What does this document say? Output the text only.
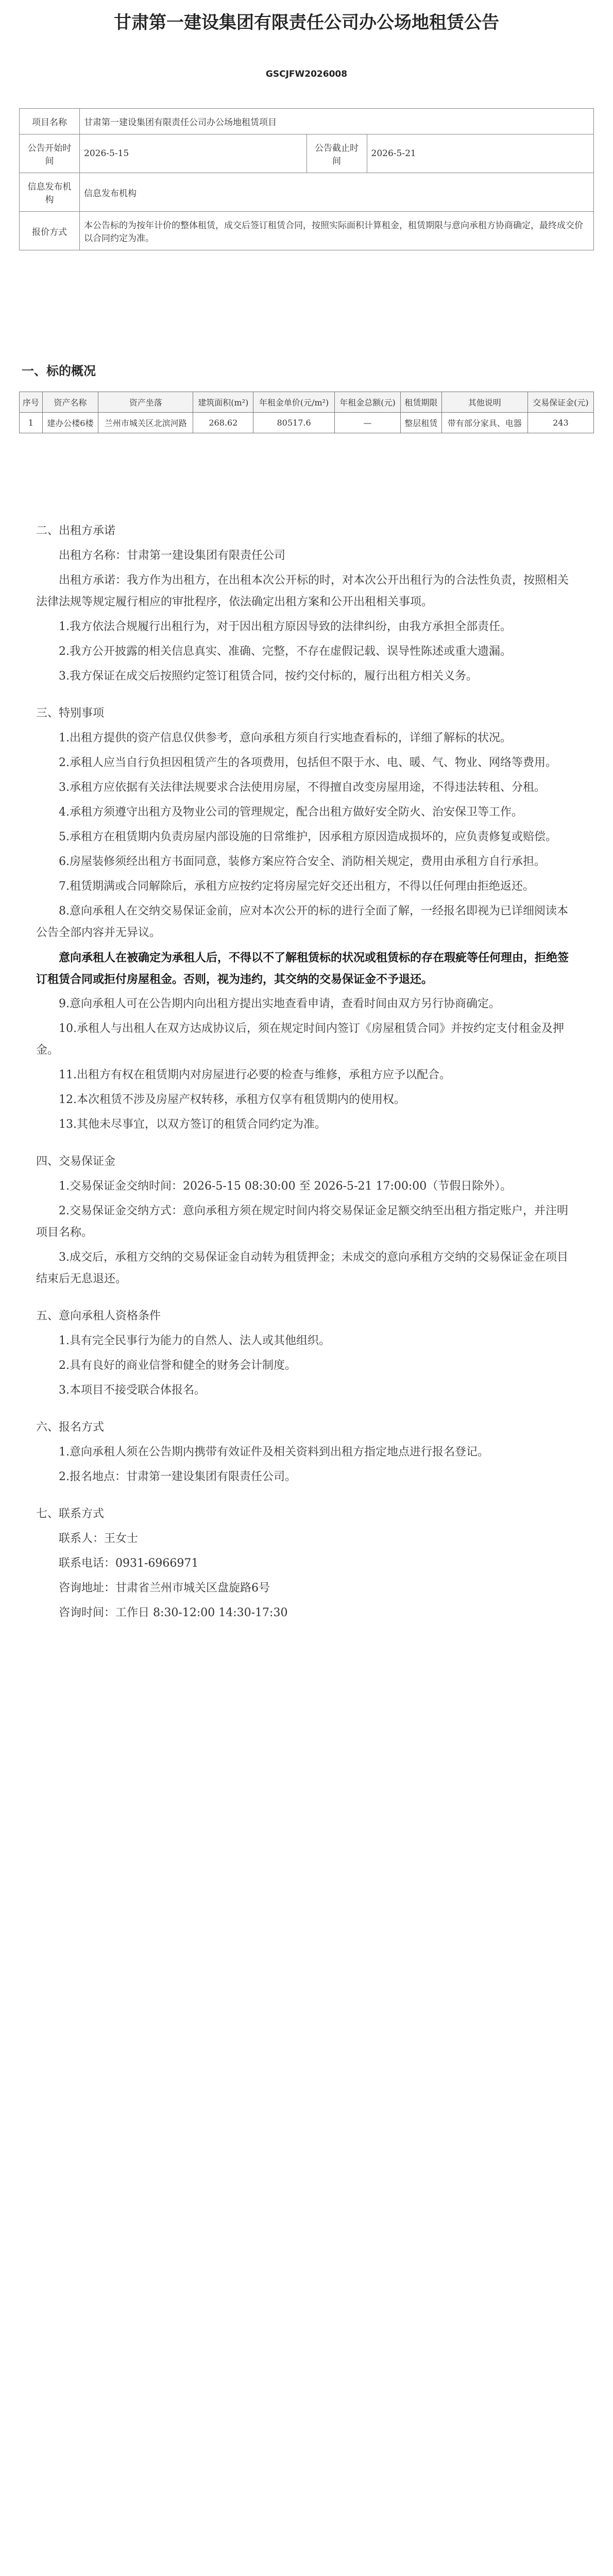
甘肃第一建设集团有限责任公司办公场地租赁公告
GSCJFW2026008
项目名称	甘肃第一建设集团有限责任公司办公场地租赁项目		
公告开始时间	2026-5-15	公告截止时间	2026-5-21
信息发布机构	信息发布机构		
报价方式	本公告标的为按年计价的整体租赁，成交后签订租赁合同，按照实际面积计算租金，租赁期限与意向承租方协商确定，最终成交价以合同约定为准。		
一、标的概况
序号	资产名称	资产坐落	建筑面积(m²)	年租金单价(元/m²)	年租金总额(元)	租赁期限	其他说明	交易保证金(元)
1	建办公楼6楼	兰州市城关区北滨河路	268.62	80517.6	—	整层租赁	带有部分家具、电器	243

二、出租方承诺

出租方名称：甘肃第一建设集团有限责任公司

出租方承诺：我方作为出租方，在出租本次公开标的时，对本次公开出租行为的合法性负责，按照相关法律法规等规定履行相应的审批程序，依法确定出租方案和公开出租相关事项。

1.我方依法合规履行出租行为，对于因出租方原因导致的法律纠纷，由我方承担全部责任。

2.我方公开披露的相关信息真实、准确、完整，不存在虚假记载、误导性陈述或重大遗漏。

3.我方保证在成交后按照约定签订租赁合同，按约交付标的，履行出租方相关义务。

三、特别事项

1.出租方提供的资产信息仅供参考，意向承租方须自行实地查看标的，详细了解标的状况。

2.承租人应当自行负担因租赁产生的各项费用，包括但不限于水、电、暖、气、物业、网络等费用。

3.承租方应依据有关法律法规要求合法使用房屋，不得擅自改变房屋用途，不得违法转租、分租。

4.承租方须遵守出租方及物业公司的管理规定，配合出租方做好安全防火、治安保卫等工作。

5.承租方在租赁期内负责房屋内部设施的日常维护，因承租方原因造成损坏的，应负责修复或赔偿。

6.房屋装修须经出租方书面同意，装修方案应符合安全、消防相关规定，费用由承租方自行承担。

7.租赁期满或合同解除后，承租方应按约定将房屋完好交还出租方，不得以任何理由拒绝返还。

8.意向承租人在交纳交易保证金前，应对本次公开的标的进行全面了解，一经报名即视为已详细阅读本公告全部内容并无异议。

意向承租人在被确定为承租人后，不得以不了解租赁标的状况或租赁标的存在瑕疵等任何理由，拒绝签订租赁合同或拒付房屋租金。否则，视为违约，其交纳的交易保证金不予退还。

9.意向承租人可在公告期内向出租方提出实地查看申请，查看时间由双方另行协商确定。

10.承租人与出租人在双方达成协议后，须在规定时间内签订《房屋租赁合同》并按约定支付租金及押金。

11.出租方有权在租赁期内对房屋进行必要的检查与维修，承租方应予以配合。

12.本次租赁不涉及房屋产权转移，承租方仅享有租赁期内的使用权。

13.其他未尽事宜，以双方签订的租赁合同约定为准。

四、交易保证金

1.交易保证金交纳时间：2026-5-15 08:30:00 至 2026-5-21 17:00:00（节假日除外）。

2.交易保证金交纳方式：意向承租方须在规定时间内将交易保证金足额交纳至出租方指定账户，并注明项目名称。

3.成交后，承租方交纳的交易保证金自动转为租赁押金；未成交的意向承租方交纳的交易保证金在项目结束后无息退还。

五、意向承租人资格条件

1.具有完全民事行为能力的自然人、法人或其他组织。

2.具有良好的商业信誉和健全的财务会计制度。

3.本项目不接受联合体报名。

六、报名方式

1.意向承租人须在公告期内携带有效证件及相关资料到出租方指定地点进行报名登记。

2.报名地点：甘肃第一建设集团有限责任公司。

七、联系方式

联系人：王女士

联系电话：0931-6966971

咨询地址：甘肃省兰州市城关区盘旋路6号

咨询时间：工作日 8:30-12:00 14:30-17:30
